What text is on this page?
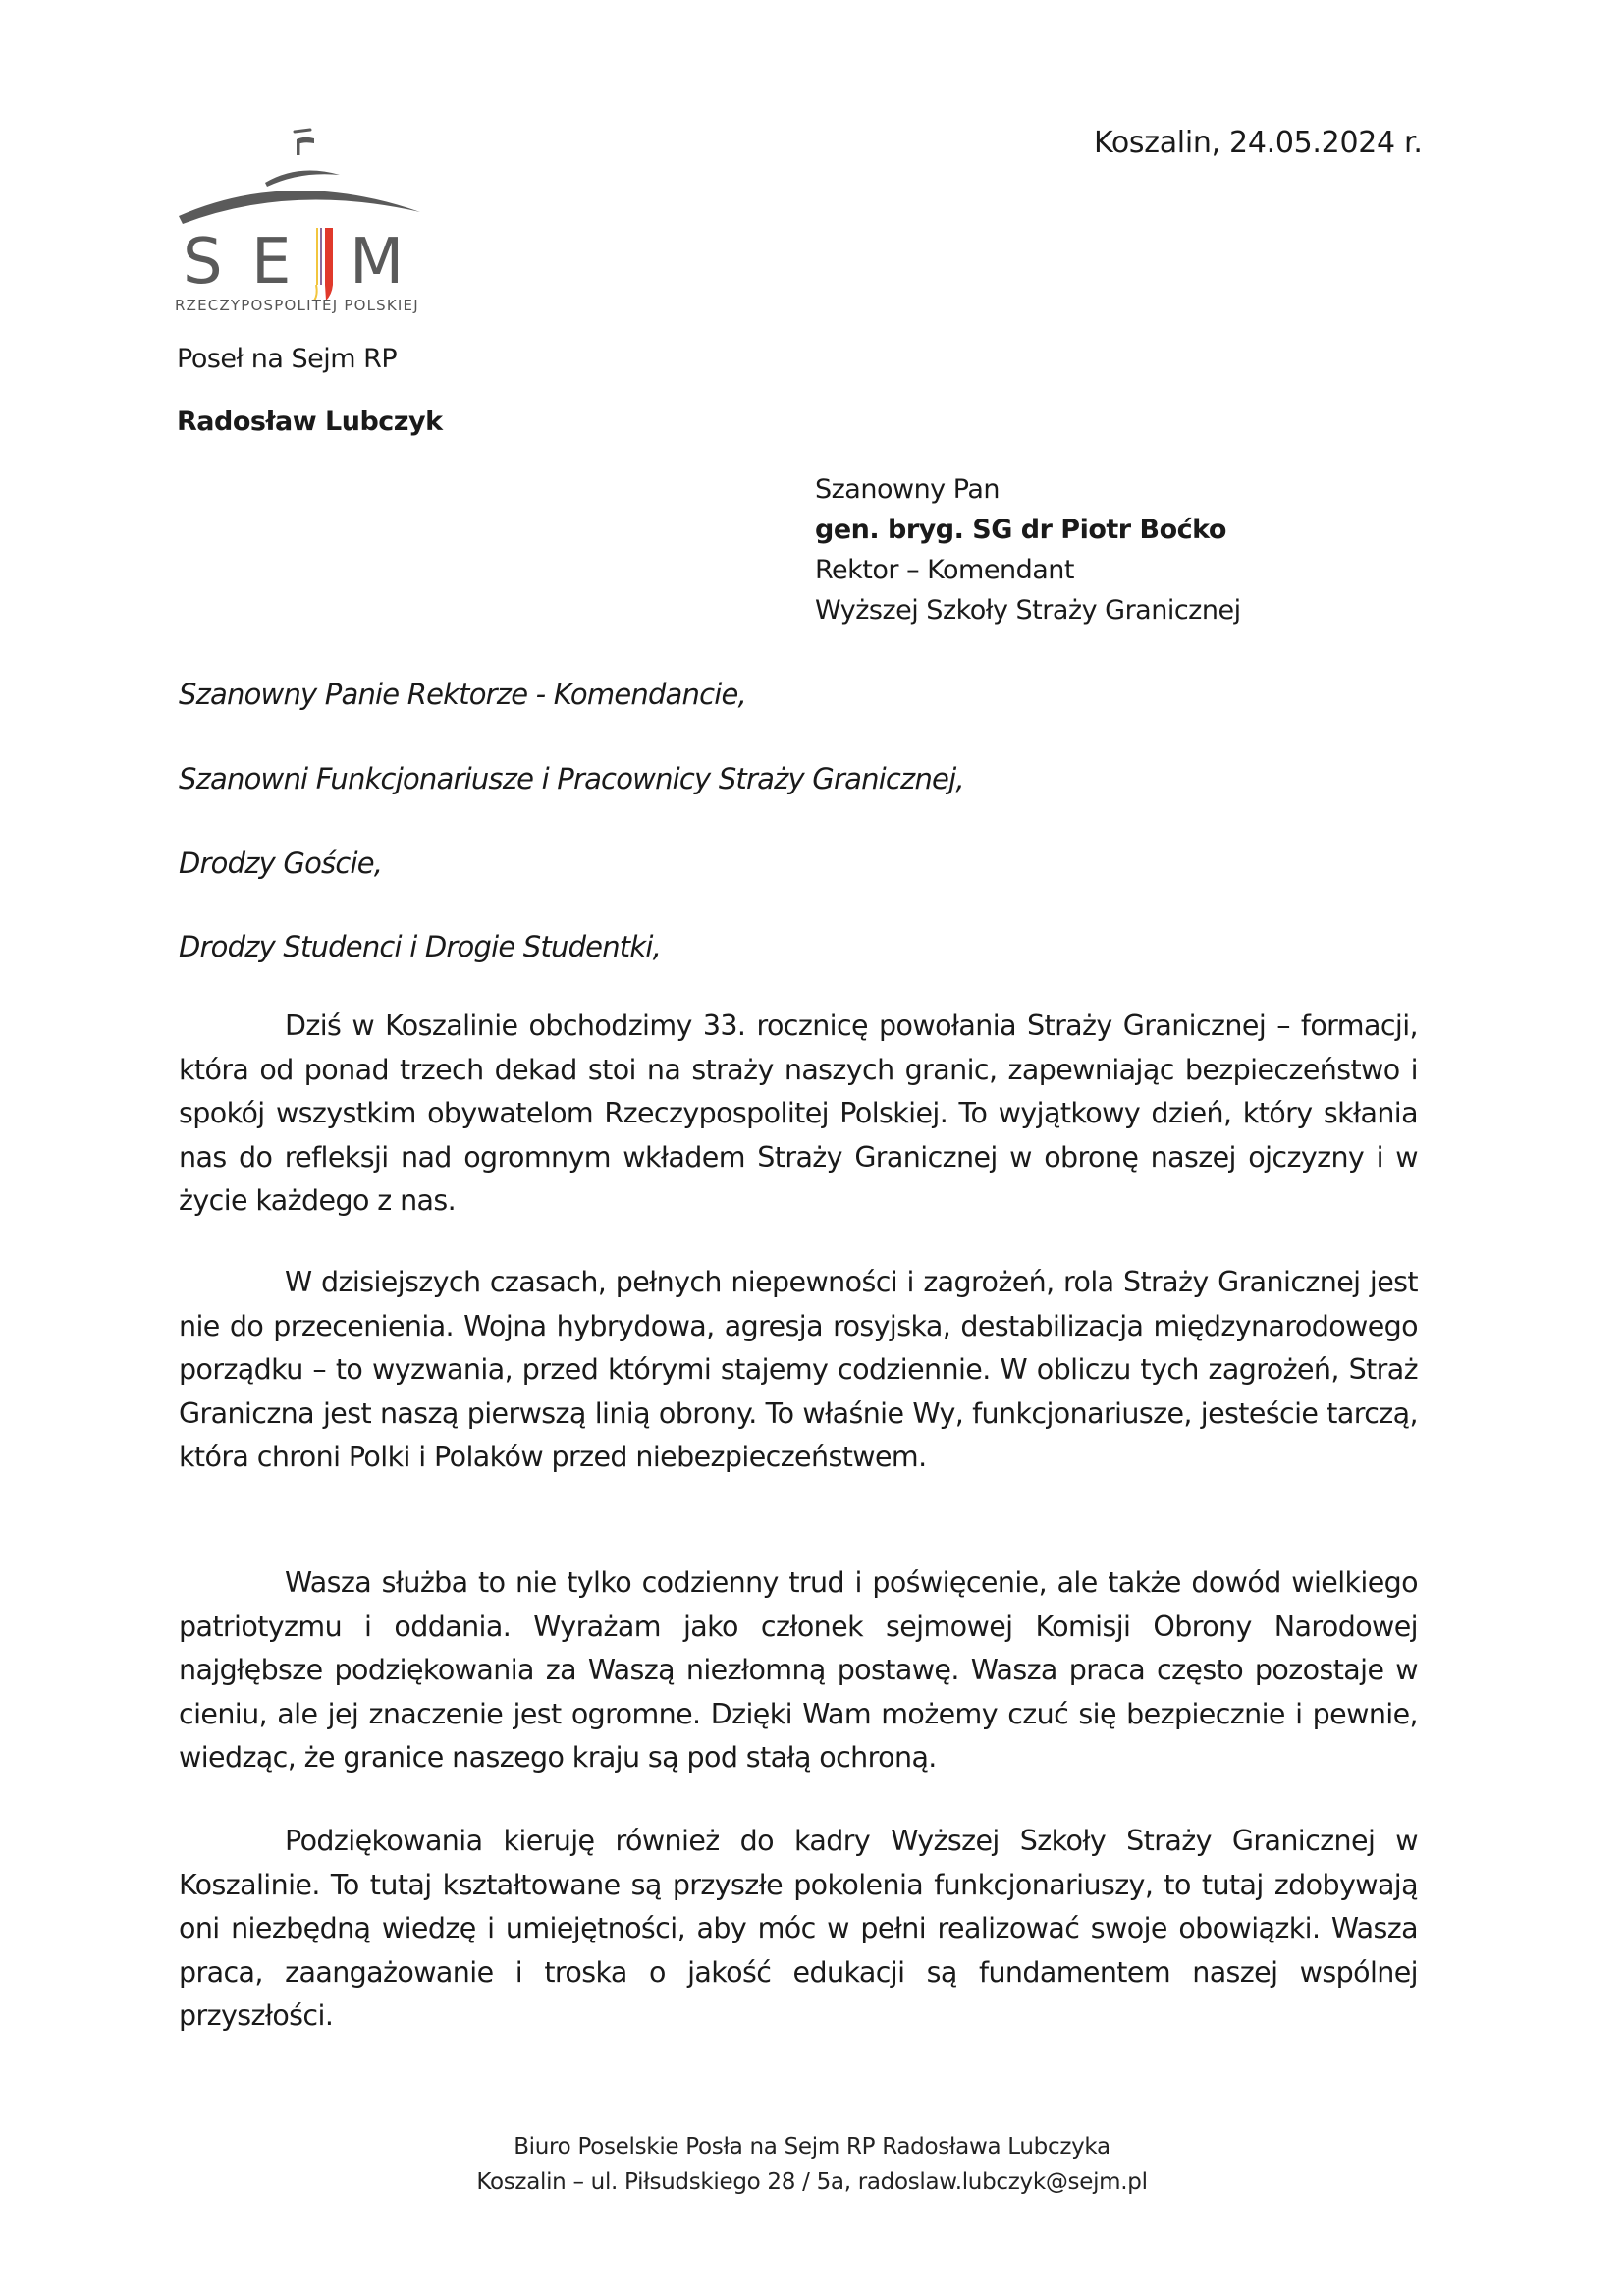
S E M
RZECZYPOSPOLITEJ POLSKIEJ
Koszalin, 24.05.2024 r.
Poseł na Sejm RP
Radosław Lubczyk
Szanowny Pan
gen. bryg. SG dr Piotr Boćko
Rektor – Komendant
Wyższej Szkoły Straży Granicznej
Szanowny Panie Rektorze - Komendancie,
Szanowni Funkcjonariusze i Pracownicy Straży Granicznej,
Drodzy Goście,
Drodzy Studenci i Drogie Studentki,

Dziś w Koszalinie obchodzimy 33. rocznicę powołania Straży Granicznej – formacji, która od ponad trzech dekad stoi na straży naszych granic, zapewniając bezpieczeństwo i spokój wszystkim obywatelom Rzeczypospolitej Polskiej. To wyjątkowy dzień, który skłania nas do refleksji nad ogromnym wkładem Straży Granicznej w obronę naszej ojczyzny i w życie każdego z nas.

W dzisiejszych czasach, pełnych niepewności i zagrożeń, rola Straży Granicznej jest nie do przecenienia. Wojna hybrydowa, agresja rosyjska, destabilizacja międzynarodowego porządku – to wyzwania, przed którymi stajemy codziennie. W obliczu tych zagrożeń, Straż Graniczna jest naszą pierwszą linią obrony. To właśnie Wy, funkcjonariusze, jesteście tarczą, która chroni Polki i Polaków przed niebezpieczeństwem.

Wasza służba to nie tylko codzienny trud i poświęcenie, ale także dowód wielkiego patriotyzmu i oddania. Wyrażam jako członek sejmowej Komisji Obrony Narodowej najgłębsze podziękowania za Waszą niezłomną postawę. Wasza praca często pozostaje w cieniu, ale jej znaczenie jest ogromne. Dzięki Wam możemy czuć się bezpiecznie i pewnie, wiedząc, że granice naszego kraju są pod stałą ochroną.

Podziękowania kieruję również do kadry Wyższej Szkoły Straży Granicznej w Koszalinie. To tutaj kształtowane są przyszłe pokolenia funkcjonariuszy, to tutaj zdobywają oni niezbędną wiedzę i umiejętności, aby móc w pełni realizować swoje obowiązki. Wasza praca, zaangażowanie i troska o jakość edukacji są fundamentem naszej wspólnej przyszłości.

Biuro Poselskie Posła na Sejm RP Radosława Lubczyka
Koszalin – ul. Piłsudskiego 28 / 5a, radoslaw.lubczyk@sejm.pl
